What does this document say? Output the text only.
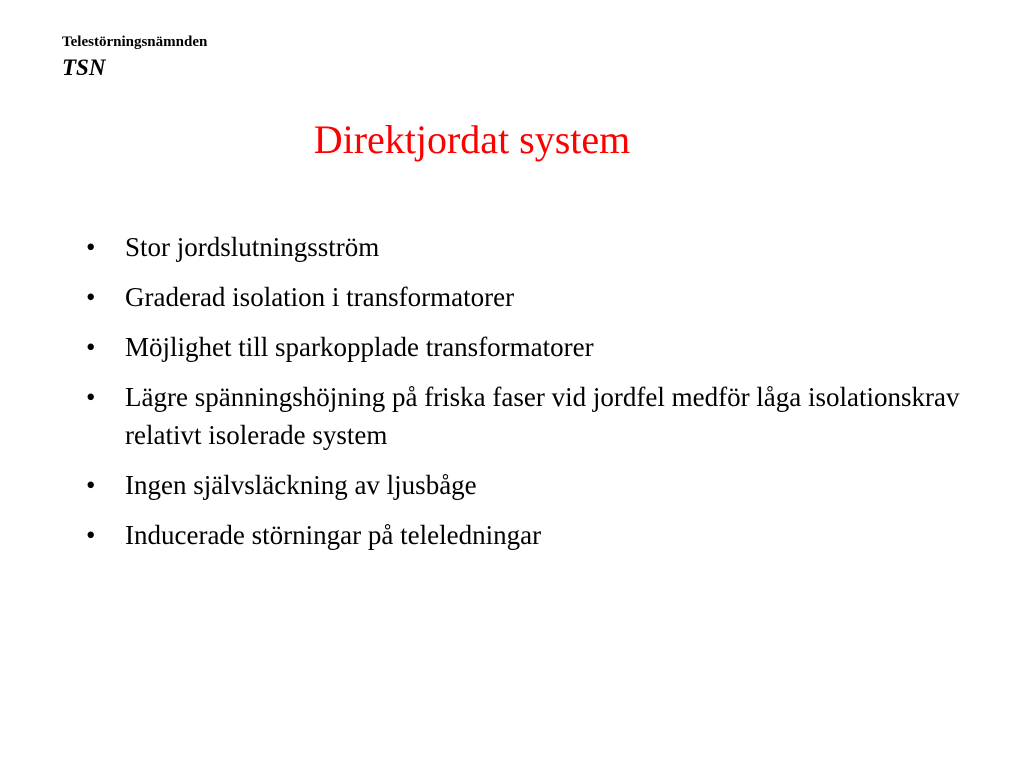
Telestörningsnämnden
TSN
Direktjordat system
•	Stor jordslutningsström
•	Graderad isolation i transformatorer
•	Möjlighet till sparkopplade transformatorer
•	Lägre spänningshöjning på friska faser vid jordfel medför låga isolationskrav relativt isolerade system
•	Ingen självsläckning av ljusbåge
•	Inducerade störningar på teleledningar
